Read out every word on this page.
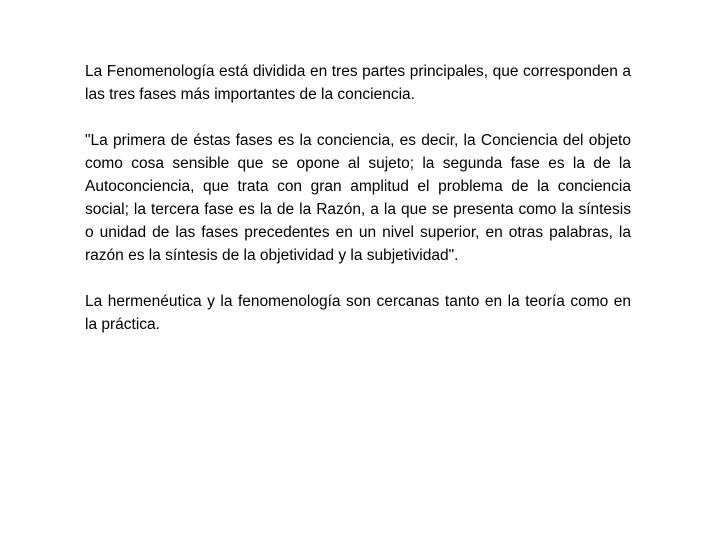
La Fenomenología está dividida en tres partes principales, que corresponden a las tres fases más importantes de la conciencia.

"La primera de éstas fases es la conciencia, es decir, la Conciencia del objeto como cosa sensible que se opone al sujeto; la segunda fase es la de la Autoconciencia, que trata con gran amplitud el problema de la conciencia social; la tercera fase es la de la Razón, a la que se presenta como la síntesis o unidad de las fases precedentes en un nivel superior, en otras palabras, la razón es la síntesis de la objetividad y la subjetividad".

La hermenéutica y la fenomenología son cercanas tanto en la teoría como en la práctica.
